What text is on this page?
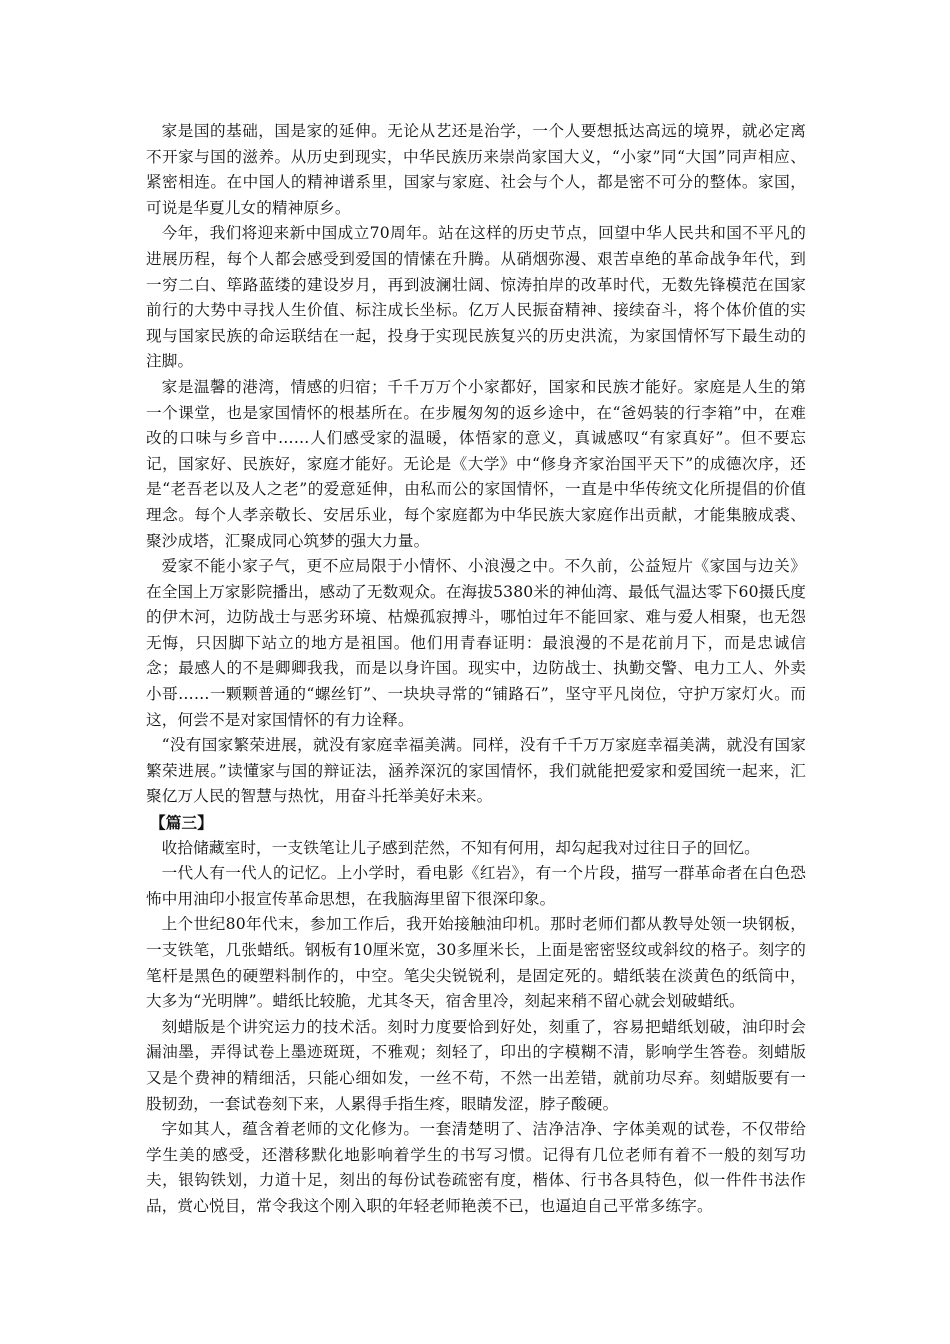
家是国的基础，国是家的延伸。无论从艺还是治学，一个人要想抵达高远的境界，就必定离不开家与国的滋养。从历史到现实，中华民族历来崇尚家国大义，“小家”同“大国”同声相应、紧密相连。在中国人的精神谱系里，国家与家庭、社会与个人，都是密不可分的整体。家国，可说是华夏儿女的精神原乡。

今年，我们将迎来新中国成立70周年。站在这样的历史节点，回望中华人民共和国不平凡的进展历程，每个人都会感受到爱国的情愫在升腾。从硝烟弥漫、艰苦卓绝的革命战争年代，到一穷二白、筚路蓝缕的建设岁月，再到波澜壮阔、惊涛拍岸的改革时代，无数先锋模范在国家前行的大势中寻找人生价值、标注成长坐标。亿万人民振奋精神、接续奋斗，将个体价值的实现与国家民族的命运联结在一起，投身于实现民族复兴的历史洪流，为家国情怀写下最生动的注脚。

家是温馨的港湾，情感的归宿；千千万万个小家都好，国家和民族才能好。家庭是人生的第一个课堂，也是家国情怀的根基所在。在步履匆匆的返乡途中，在“爸妈装的行李箱”中，在难改的口味与乡音中……人们感受家的温暖，体悟家的意义，真诚感叹“有家真好”。但不要忘记，国家好、民族好，家庭才能好。无论是《大学》中“修身齐家治国平天下”的成德次序，还是“老吾老以及人之老”的爱意延伸，由私而公的家国情怀，一直是中华传统文化所提倡的价值理念。每个人孝亲敬长、安居乐业，每个家庭都为中华民族大家庭作出贡献，才能集腋成裘、聚沙成塔，汇聚成同心筑梦的强大力量。

爱家不能小家子气，更不应局限于小情怀、小浪漫之中。不久前，公益短片《家国与边关》在全国上万家影院播出，感动了无数观众。在海拔5380米的神仙湾、最低气温达零下60摄氏度的伊木河，边防战士与恶劣环境、枯燥孤寂搏斗，哪怕过年不能回家、难与爱人相聚，也无怨无悔，只因脚下站立的地方是祖国。他们用青春证明：最浪漫的不是花前月下，而是忠诚信念；最感人的不是卿卿我我，而是以身许国。现实中，边防战士、执勤交警、电力工人、外卖小哥……一颗颗普通的“螺丝钉”、一块块寻常的“铺路石”，坚守平凡岗位，守护万家灯火。而这，何尝不是对家国情怀的有力诠释。

“没有国家繁荣进展，就没有家庭幸福美满。同样，没有千千万万家庭幸福美满，就没有国家繁荣进展。”读懂家与国的辩证法，涵养深沉的家国情怀，我们就能把爱家和爱国统一起来，汇聚亿万人民的智慧与热忱，用奋斗托举美好未来。

【篇三】

收拾储藏室时，一支铁笔让儿子感到茫然，不知有何用，却勾起我对过往日子的回忆。

一代人有一代人的记忆。上小学时，看电影《红岩》，有一个片段，描写一群革命者在白色恐怖中用油印小报宣传革命思想，在我脑海里留下很深印象。

上个世纪80年代末，参加工作后，我开始接触油印机。那时老师们都从教导处领一块钢板，一支铁笔，几张蜡纸。钢板有10厘米宽，30多厘米长，上面是密密竖纹或斜纹的格子。刻字的笔杆是黑色的硬塑料制作的，中空。笔尖尖锐锐利，是固定死的。蜡纸装在淡黄色的纸筒中，大多为“光明牌”。蜡纸比较脆，尤其冬天，宿舍里冷，刻起来稍不留心就会划破蜡纸。

刻蜡版是个讲究运力的技术活。刻时力度要恰到好处，刻重了，容易把蜡纸划破，油印时会漏油墨，弄得试卷上墨迹斑斑，不雅观；刻轻了，印出的字模糊不清，影响学生答卷。刻蜡版又是个费神的精细活，只能心细如发，一丝不苟，不然一出差错，就前功尽弃。刻蜡版要有一股韧劲，一套试卷刻下来，人累得手指生疼，眼睛发涩，脖子酸硬。

字如其人，蕴含着老师的文化修为。一套清楚明了、洁净洁净、字体美观的试卷，不仅带给学生美的感受，还潜移默化地影响着学生的书写习惯。记得有几位老师有着不一般的刻写功夫，银钩铁划，力道十足，刻出的每份试卷疏密有度，楷体、行书各具特色，似一件件书法作品，赏心悦目，常令我这个刚入职的年轻老师艳羡不已，也逼迫自己平常多练字。
